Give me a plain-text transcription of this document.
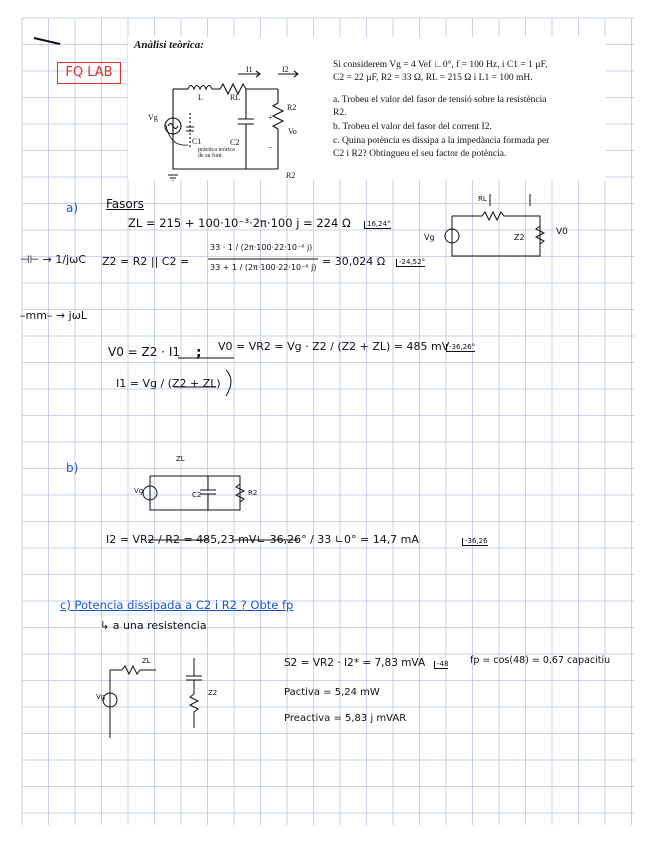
FQ LAB
Anàlisi teòrica:
I1	I2
L	RL
Vg
C1
pràctica teòrica de su font
C2
Vo
R2
R2
+
−
Si considerem Vg = 4 Vef ∟0°, f = 100 Hz, i C1 = 1 µF,
C2 = 22 µF, R2 = 33 Ω, RL = 215 Ω i L1 = 100 mH.
a. Trobeu el valor del fasor de tensió sobre la resistència
R2.
b. Trobeu el valor del fasor del corrent I2.
c. Quina potència es dissipa a la impedància formada per
C2 i R2? Obtingueu el seu factor de potència.
a) Fasors
ZL = 215 + 100·10⁻³·2π·100 j = 224 Ω	16,24°
⊣⊢ → 1/jωC
–mm– → jωL
Z2 = R2 || C2 =
33 · 1 / (2π·100·22·10⁻⁶ j)
33 + 1 / (2π·100·22·10⁻⁶ j) = 30,024 Ω	-24,52°
RL
Vg	Z2
V0
V0 = Z2 · I1 ; V0 = VR2 = Vg · Z2 / (Z2 + ZL) = 485 mV -36,26°
I1 = Vg / (Z2 + ZL)
b)
ZL
Vg	C2	R2
I2 = VR2 / R2 = 485,23 mV∟-36,26° / 33 ∟0° = 14,7 mA	-36,26
c) Potencia dissipada a C2 i R2 ? Obte fp
↳ a una resistencia
ZL
Vg	Z2
S2 = VR2 · I2* = 7,83 mVA	-48 fp = cos(48) = 0,67 capacitiu
Pactiva = 5,24 mW
Preactiva = 5,83 j mVAR
